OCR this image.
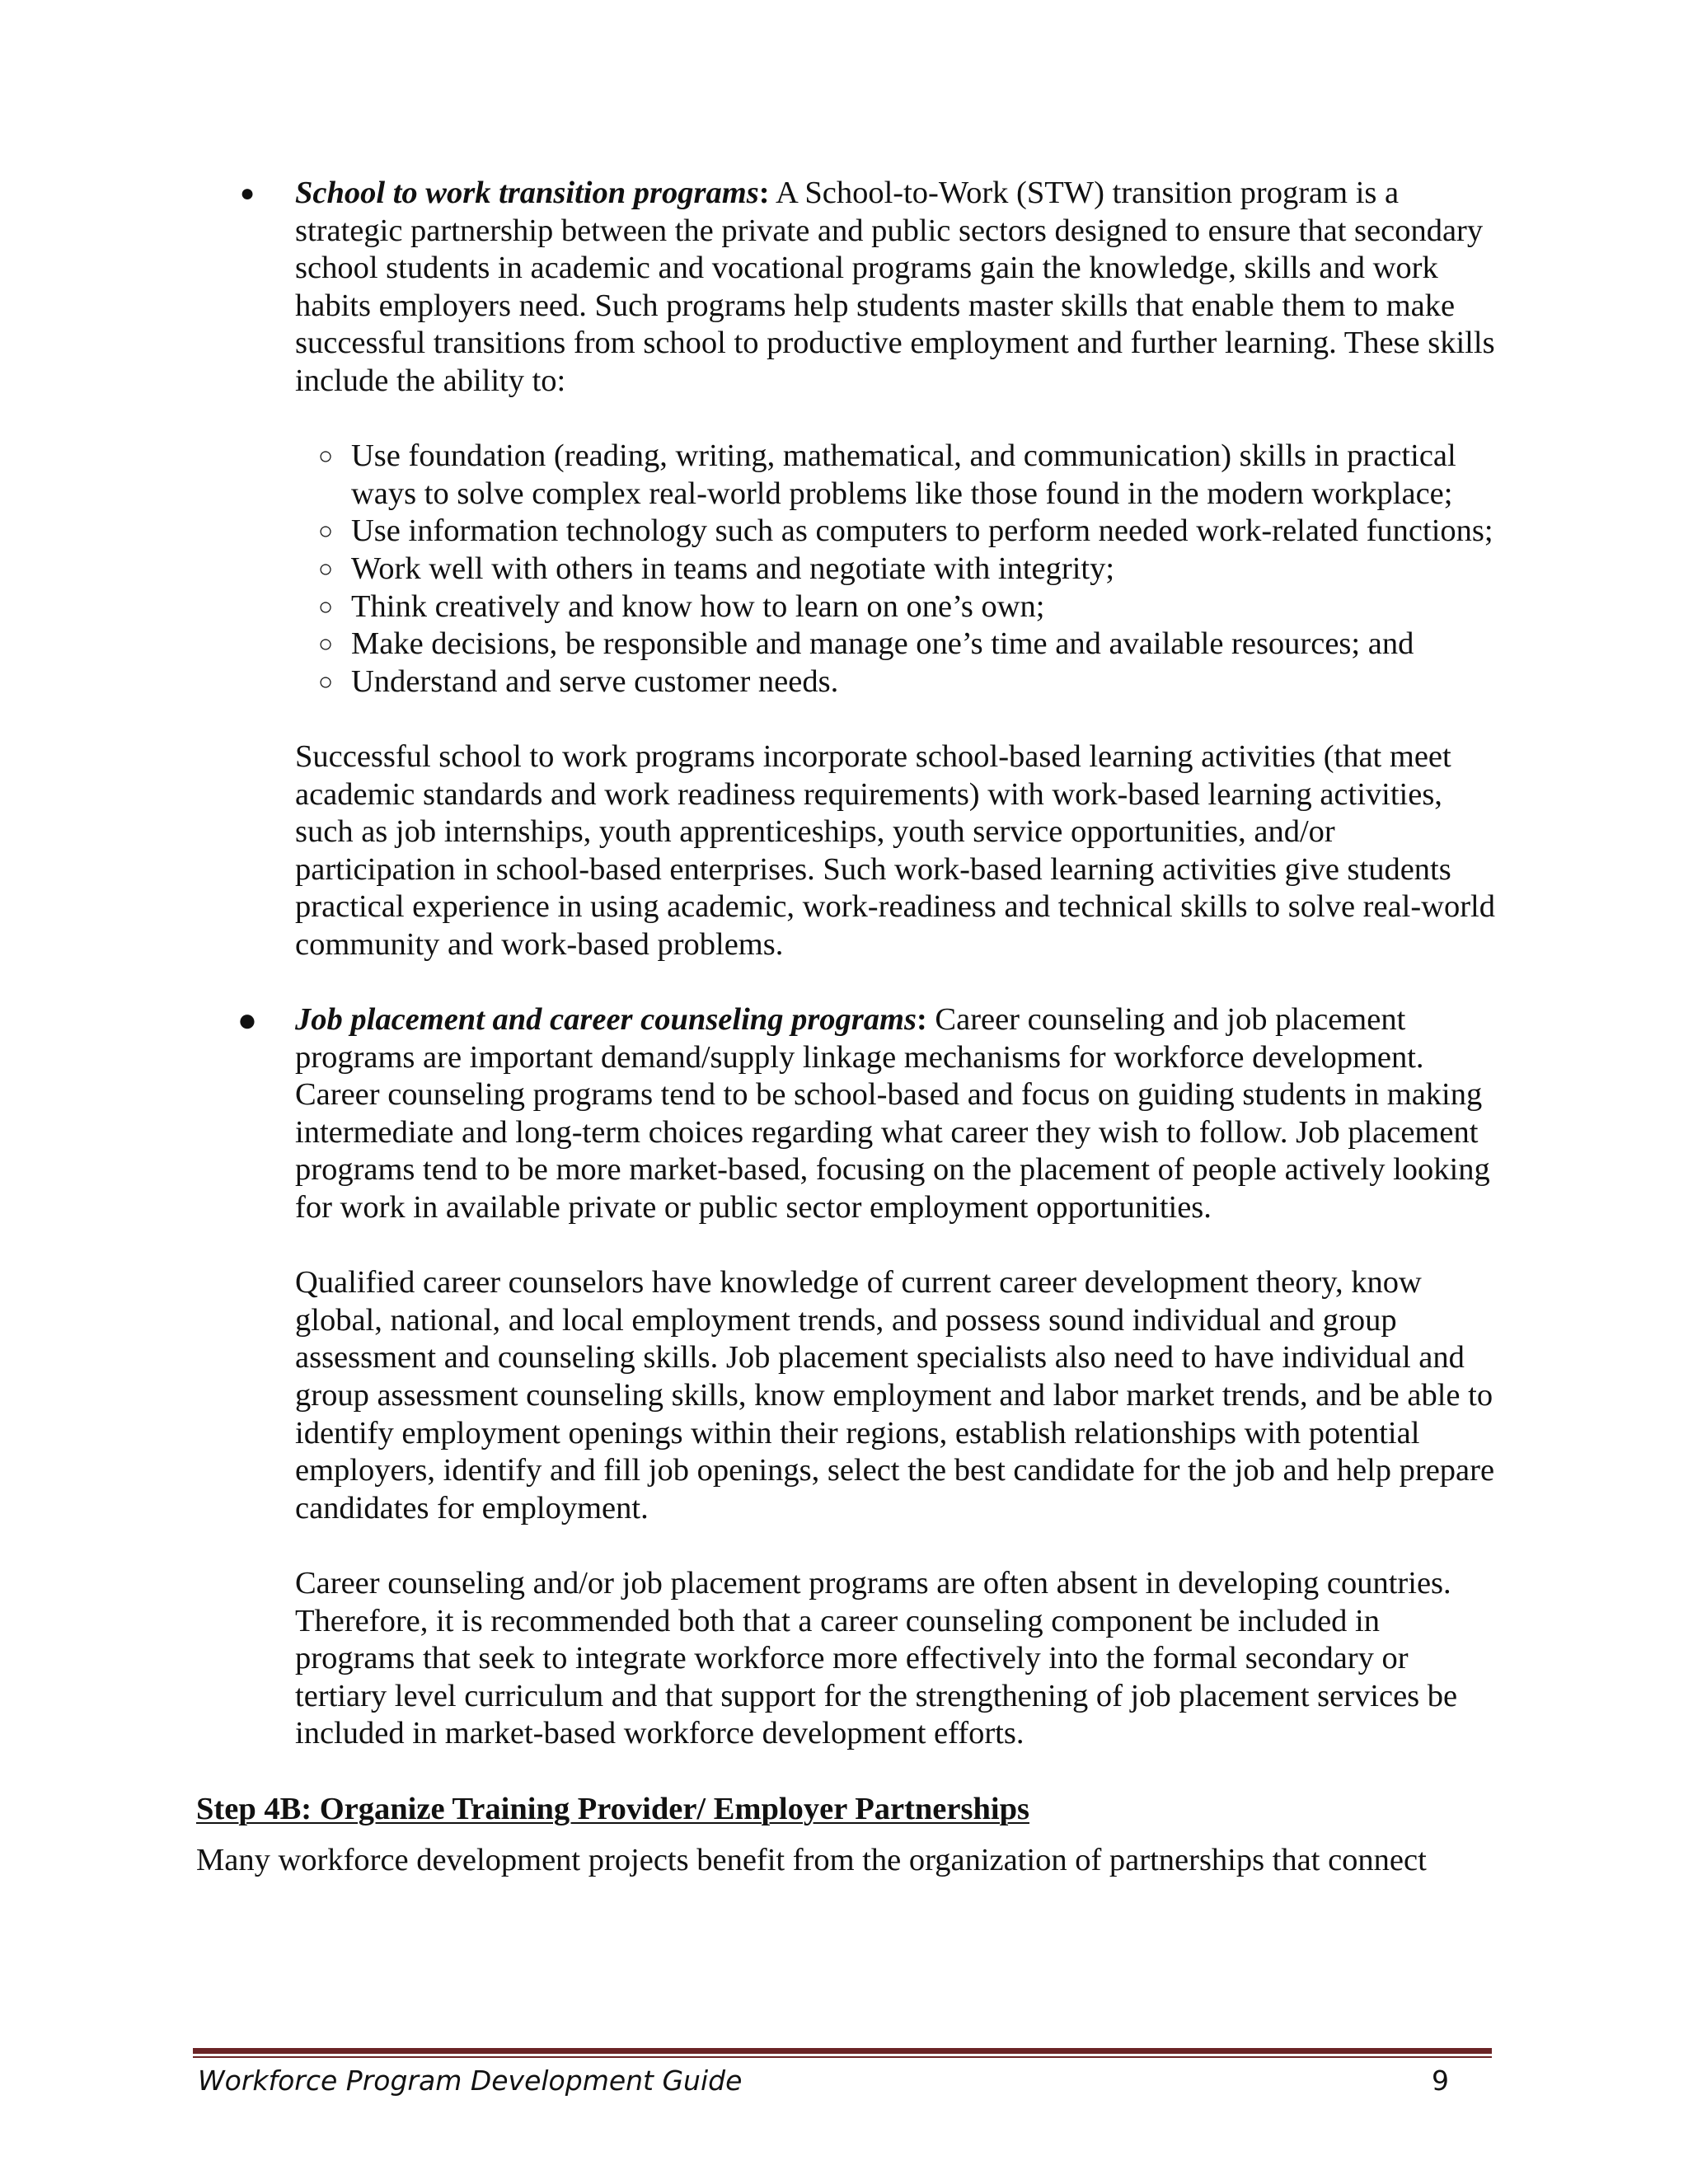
● School to work transition programs: A School-to-Work (STW) transition program is a strategic partnership between the private and public sectors designed to ensure that secondary school students in academic and vocational programs gain the knowledge, skills and work habits employers need. Such programs help students master skills that enable them to make successful transitions from school to productive employment and further learning. These skills include the ability to:

○ Use foundation (reading, writing, mathematical, and communication) skills in practical ways to solve complex real-world problems like those found in the modern workplace;
○ Use information technology such as computers to perform needed work-related functions;
○ Work well with others in teams and negotiate with integrity;
○ Think creatively and know how to learn on one’s own;
○ Make decisions, be responsible and manage one’s time and available resources; and
○ Understand and serve customer needs.

Successful school to work programs incorporate school-based learning activities (that meet academic standards and work readiness requirements) with work-based learning activities, such as job internships, youth apprenticeships, youth service opportunities, and/or participation in school-based enterprises. Such work-based learning activities give students practical experience in using academic, work-readiness and technical skills to solve real-world community and work-based problems.

● Job placement and career counseling programs: Career counseling and job placement programs are important demand/supply linkage mechanisms for workforce development. Career counseling programs tend to be school-based and focus on guiding students in making intermediate and long-term choices regarding what career they wish to follow. Job placement programs tend to be more market-based, focusing on the placement of people actively looking for work in available private or public sector employment opportunities.

Qualified career counselors have knowledge of current career development theory, know global, national, and local employment trends, and possess sound individual and group assessment and counseling skills. Job placement specialists also need to have individual and group assessment counseling skills, know employment and labor market trends, and be able to identify employment openings within their regions, establish relationships with potential employers, identify and fill job openings, select the best candidate for the job and help prepare candidates for employment.

Career counseling and/or job placement programs are often absent in developing countries. Therefore, it is recommended both that a career counseling component be included in programs that seek to integrate workforce more effectively into the formal secondary or tertiary level curriculum and that support for the strengthening of job placement services be included in market-based workforce development efforts.

Step 4B: Organize Training Provider/ Employer Partnerships

Many workforce development projects benefit from the organization of partnerships that connect

Workforce Program Development Guide	9
